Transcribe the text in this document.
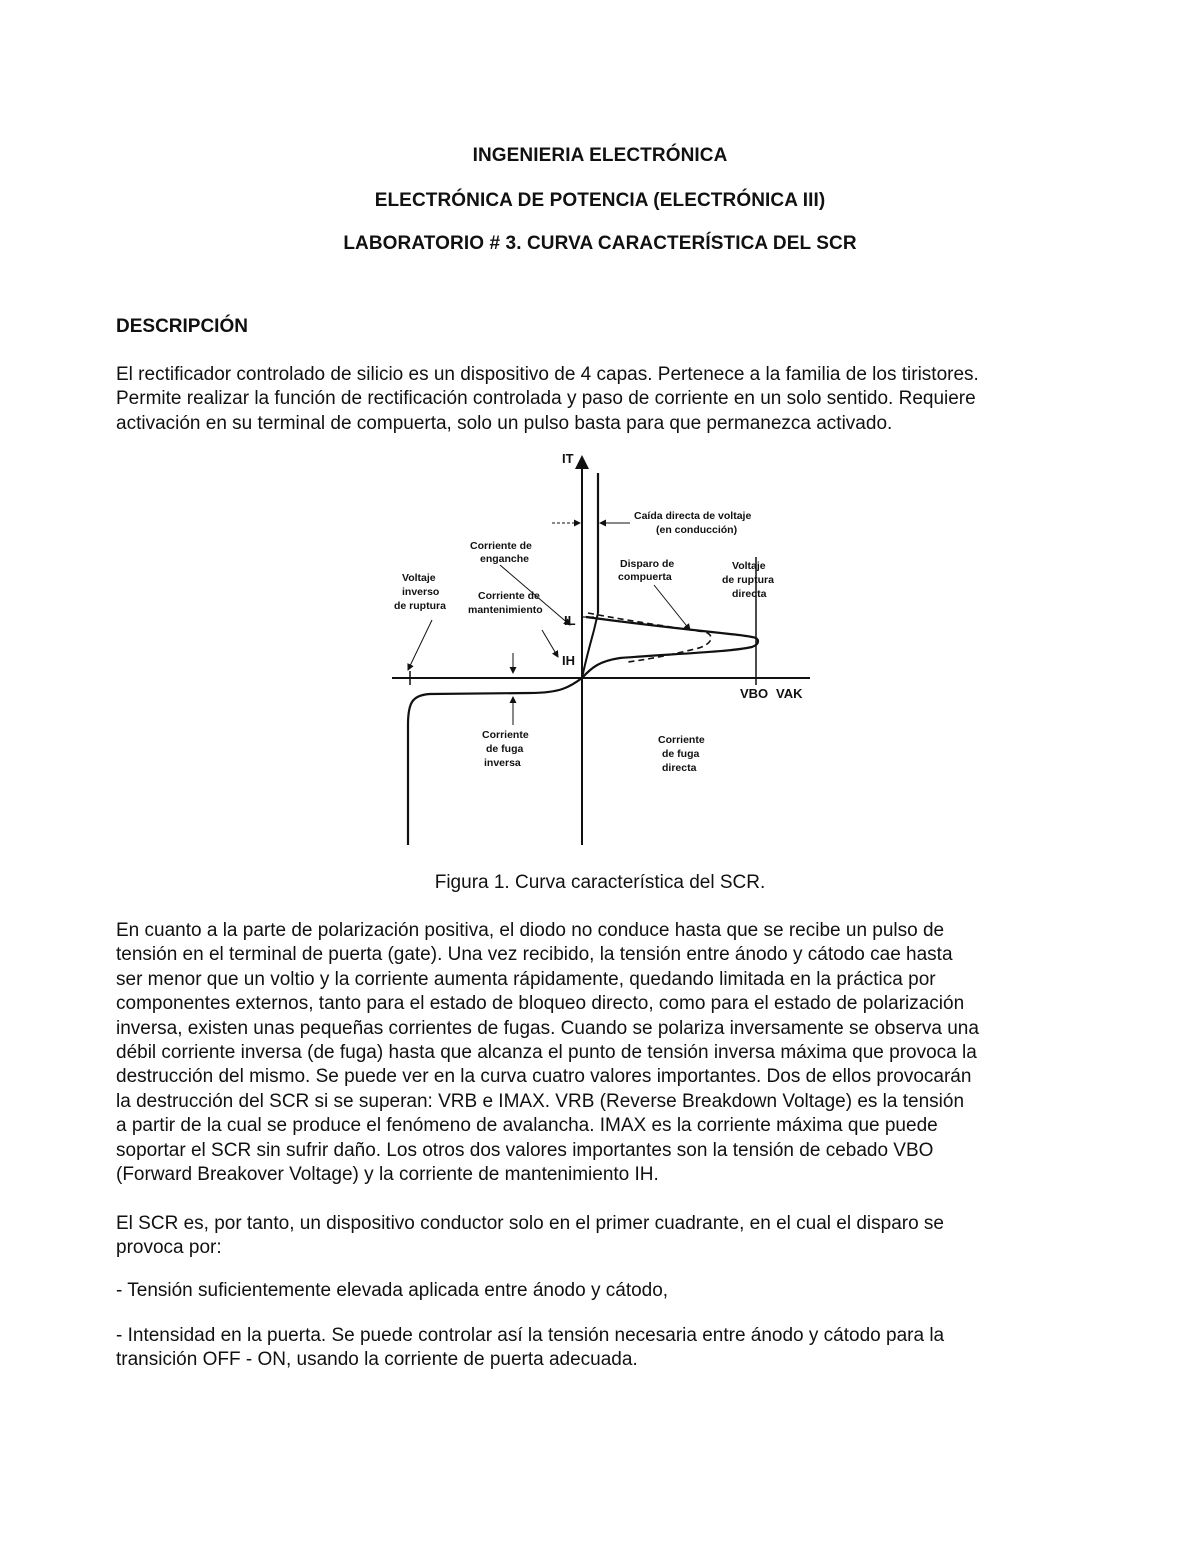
INGENIERIA ELECTRÓNICA
ELECTRÓNICA DE POTENCIA (ELECTRÓNICA III)
LABORATORIO # 3. CURVA CARACTERÍSTICA DEL SCR
DESCRIPCIÓN

El rectificador controlado de silicio es un dispositivo de 4 capas. Pertenece a la familia de los tiristores.
Permite realizar la función de rectificación controlada y paso de corriente en un solo sentido. Requiere
activación en su terminal de compuerta, solo un pulso basta para que permanezca activado.

IT
VBO VAK
IL
IH
Caída directa de voltaje
(en conducción)
Corriente de
enganche	Disparo de
compuerta
Voltaje
de ruptura
directa
Voltaje
inverso
de ruptura
Corriente de
mantenimiento
Corriente
de fuga
inversa
Corriente
de fuga
directa
Figura 1. Curva característica del SCR.

En cuanto a la parte de polarización positiva, el diodo no conduce hasta que se recibe un pulso de
tensión en el terminal de puerta (gate). Una vez recibido, la tensión entre ánodo y cátodo cae hasta
ser menor que un voltio y la corriente aumenta rápidamente, quedando limitada en la práctica por
componentes externos, tanto para el estado de bloqueo directo, como para el estado de polarización
inversa, existen unas pequeñas corrientes de fugas. Cuando se polariza inversamente se observa una
débil corriente inversa (de fuga) hasta que alcanza el punto de tensión inversa máxima que provoca la
destrucción del mismo. Se puede ver en la curva cuatro valores importantes. Dos de ellos provocarán
la destrucción del SCR si se superan: VRB e IMAX. VRB (Reverse Breakdown Voltage) es la tensión
a partir de la cual se produce el fenómeno de avalancha. IMAX es la corriente máxima que puede
soportar el SCR sin sufrir daño. Los otros dos valores importantes son la tensión de cebado VBO
(Forward Breakover Voltage) y la corriente de mantenimiento IH.

El SCR es, por tanto, un dispositivo conductor solo en el primer cuadrante, en el cual el disparo se
provoca por:

- Tensión suficientemente elevada aplicada entre ánodo y cátodo,

- Intensidad en la puerta. Se puede controlar así la tensión necesaria entre ánodo y cátodo para la
transición OFF - ON, usando la corriente de puerta adecuada.
